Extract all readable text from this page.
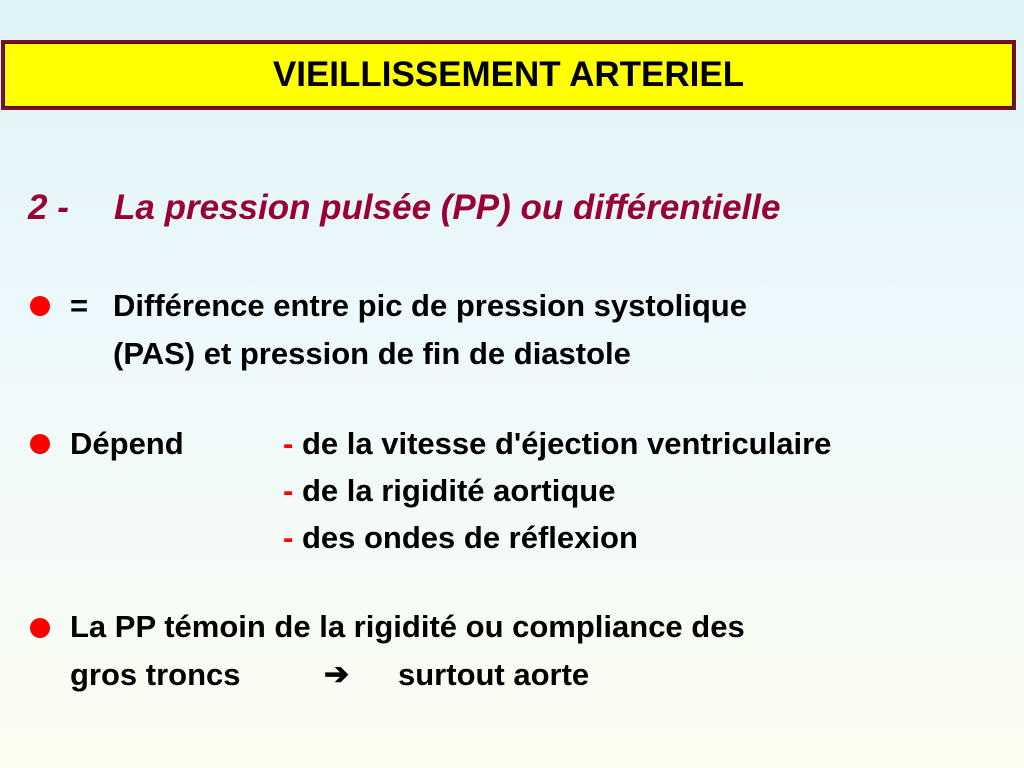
VIEILLISSEMENT ARTERIEL
2 - La pression pulsée (PP) ou différentielle
= Différence entre pic de pression systolique
(PAS) et pression de fin de diastole
Dépend	- de la vitesse d'éjection ventriculaire
- de la rigidité aortique
- des ondes de réflexion
La PP témoin de la rigidité ou compliance des
gros troncs	➔ surtout aorte
